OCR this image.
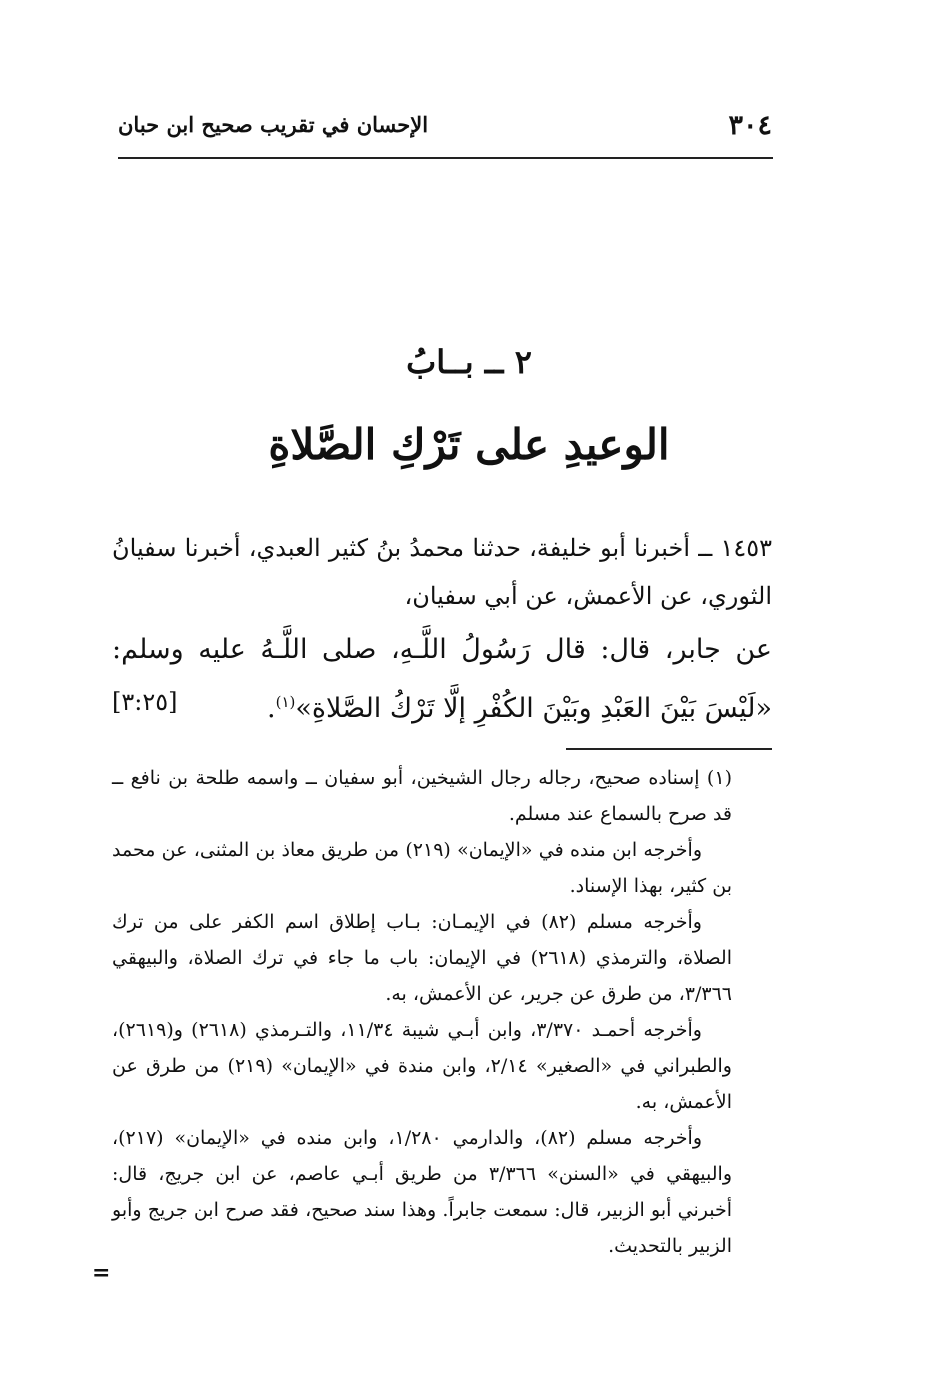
٣٠٤
الإحسان في تقريب صحيح ابن حبان
٢ ــ بــابُ
الوعيدِ على تَرْكِ الصَّلاةِ

١٤٥٣ ــ أخبرنا أبو خليفة، حدثنا محمدُ بنُ كثير العبدي، أخبرنا سفيانُ الثوري، عن الأعمش، عن أبي سفيان،

عن جابر، قال: قال رَسُولُ اللَّـهِ، صلى اللَّـهُ عليه وسلم: «لَيْسَ بَيْنَ العَبْدِ وبَيْنَ الكُفْرِ إلَّا تَرْكُ الصَّلاةِ»$^{(١)}$.
[٣:٢٥]

(١) إسناده صحيح، رجاله رجال الشيخين، أبو سفيان ــ واسمه طلحة بن نافع ــ قد صرح بالسماع عند مسلم.

وأخرجه ابن منده في «الإيمان» (٢١٩) من طريق معاذ بن المثنى، عن محمد بن كثير، بهذا الإسناد.

وأخرجه مسلم (٨٢) في الإيمـان: بـاب إطلاق اسم الكفر على من ترك الصلاة، والترمذي (٢٦١٨) في الإيمان: باب ما جاء في ترك الصلاة، والبيهقي ٣/٣٦٦، من طرق عن جرير، عن الأعمش، به.

وأخرجه أحمـد ٣/٣٧٠، وابن أبـي شيبة ١١/٣٤، والتـرمذي (٢٦١٨) و(٢٦١٩)، والطبراني في «الصغير» ٢/١٤، وابن مندة في «الإيمان» (٢١٩) من طرق عن الأعمش، به.

وأخرجه مسلم (٨٢)، والدارمي ١/٢٨٠، وابن منده في «الإيمان» (٢١٧)، والبيهقي في «السنن» ٣/٣٦٦ من طريق أبـي عاصم، عن ابن جريج، قال: أخبرني أبو الزبير، قال: سمعت جابراً. وهذا سند صحيح، فقد صرح ابن جريج وأبو الزبير بالتحديث.

=
